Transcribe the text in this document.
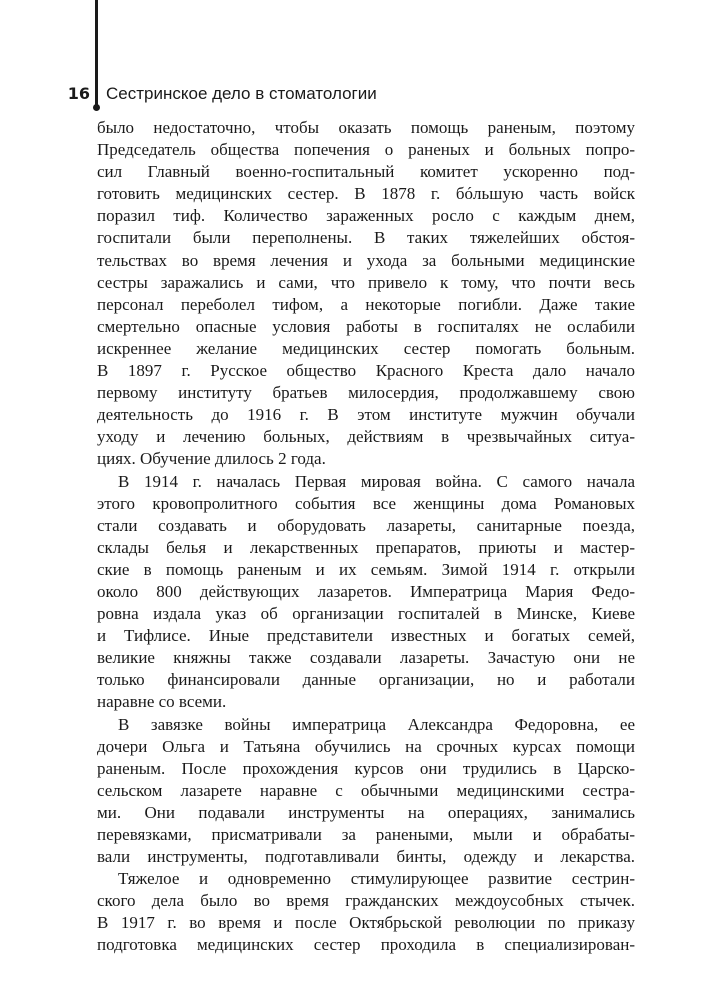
16 Сестринское дело в стоматологии
было недостаточно, чтобы оказать помощь раненым, поэтому
Председатель общества попечения о раненых и больных попро-
сил Главный военно-госпитальный комитет ускоренно под-
готовить медицинских сестер. В 1878 г. бóльшую часть войск
поразил тиф. Количество зараженных росло с каждым днем,
госпитали были переполнены. В таких тяжелейших обстоя-
тельствах во время лечения и ухода за больными медицинские
сестры заражались и сами, что привело к тому, что почти весь
персонал переболел тифом, а некоторые погибли. Даже такие
смертельно опасные условия работы в госпиталях не ослабили
искреннее желание медицинских сестер помогать больным.
В 1897 г. Русское общество Красного Креста дало начало
первому институту братьев милосердия, продолжавшему свою
деятельность до 1916 г. В этом институте мужчин обучали
уходу и лечению больных, действиям в чрезвычайных ситуа-
циях. Обучение длилось 2 года.
В 1914 г. началась Первая мировая война. С самого начала
этого кровопролитного события все женщины дома Романовых
стали создавать и оборудовать лазареты, санитарные поезда,
склады белья и лекарственных препаратов, приюты и мастер-
ские в помощь раненым и их семьям. Зимой 1914 г. открыли
около 800 действующих лазаретов. Императрица Мария Федо-
ровна издала указ об организации госпиталей в Минске, Киеве
и Тифлисе. Иные представители известных и богатых семей,
великие княжны также создавали лазареты. Зачастую они не
только финансировали данные организации, но и работали
наравне со всеми.
В завязке войны императрица Александра Федоровна, ее
дочери Ольга и Татьяна обучились на срочных курсах помощи
раненым. После прохождения курсов они трудились в Царско-
сельском лазарете наравне с обычными медицинскими сестра-
ми. Они подавали инструменты на операциях, занимались
перевязками, присматривали за ранеными, мыли и обрабаты-
вали инструменты, подготавливали бинты, одежду и лекарства.
Тяжелое и одновременно стимулирующее развитие сестрин-
ского дела было во время гражданских междоусобных стычек.
В 1917 г. во время и после Октябрьской революции по приказу
подготовка медицинских сестер проходила в специализирован-
